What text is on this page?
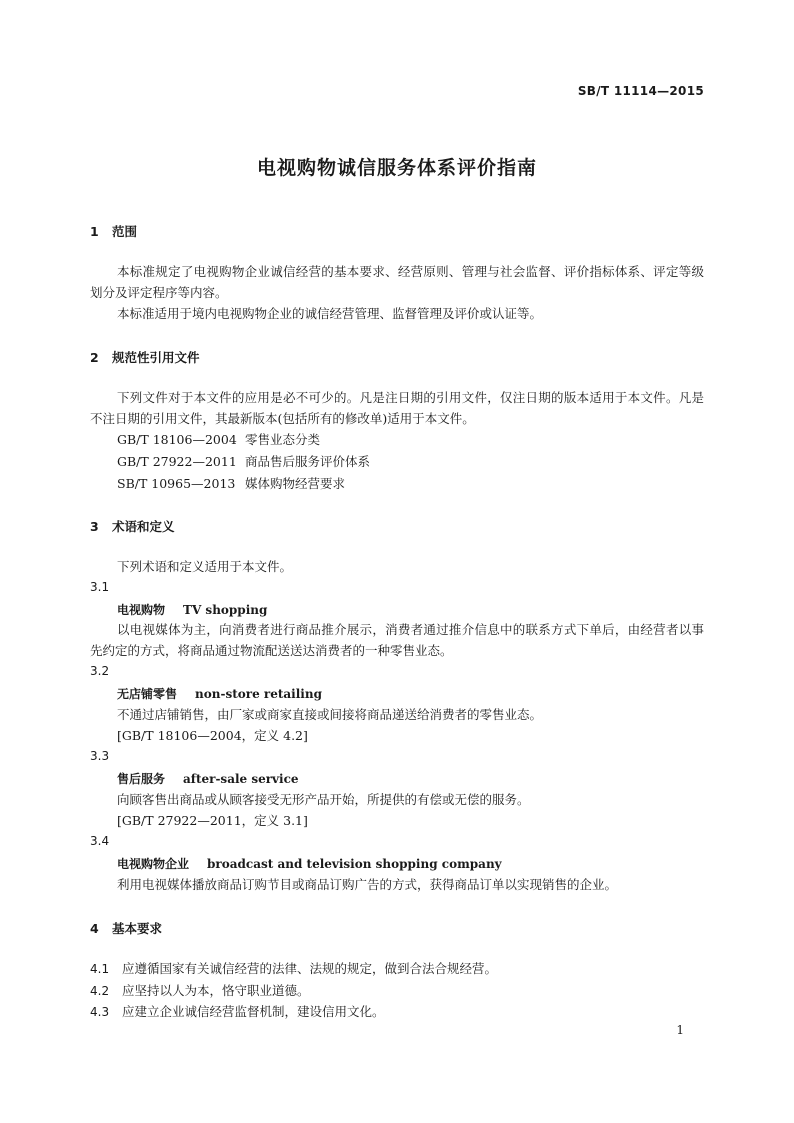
SB/T 11114—2015
电视购物诚信服务体系评价指南
1 范围
本标准规定了电视购物企业诚信经营的基本要求、经营原则、管理与社会监督、评价指标体系、评定等级划分及评定程序等内容。
本标准适用于境内电视购物企业的诚信经营管理、监督管理及评价或认证等。
2 规范性引用文件
下列文件对于本文件的应用是必不可少的。凡是注日期的引用文件，仅注日期的版本适用于本文件。凡是不注日期的引用文件，其最新版本(包括所有的修改单)适用于本文件。
GB/T 18106—2004 零售业态分类
GB/T 27922—2011 商品售后服务评价体系
SB/T 10965—2013 媒体购物经营要求
3 术语和定义
下列术语和定义适用于本文件。
3.1
电视购物 TV shopping
以电视媒体为主，向消费者进行商品推介展示，消费者通过推介信息中的联系方式下单后，由经营者以事先约定的方式，将商品通过物流配送送达消费者的一种零售业态。
3.2
无店铺零售 non-store retailing
不通过店铺销售，由厂家或商家直接或间接将商品递送给消费者的零售业态。
[GB/T 18106—2004，定义 4.2]
3.3
售后服务 after-sale service
向顾客售出商品或从顾客接受无形产品开始，所提供的有偿或无偿的服务。
[GB/T 27922—2011，定义 3.1]
3.4
电视购物企业 broadcast and television shopping company
利用电视媒体播放商品订购节目或商品订购广告的方式，获得商品订单以实现销售的企业。
4 基本要求
4.1 应遵循国家有关诚信经营的法律、法规的规定，做到合法合规经营。
4.2 应坚持以人为本，恪守职业道德。
4.3 应建立企业诚信经营监督机制，建设信用文化。
1
